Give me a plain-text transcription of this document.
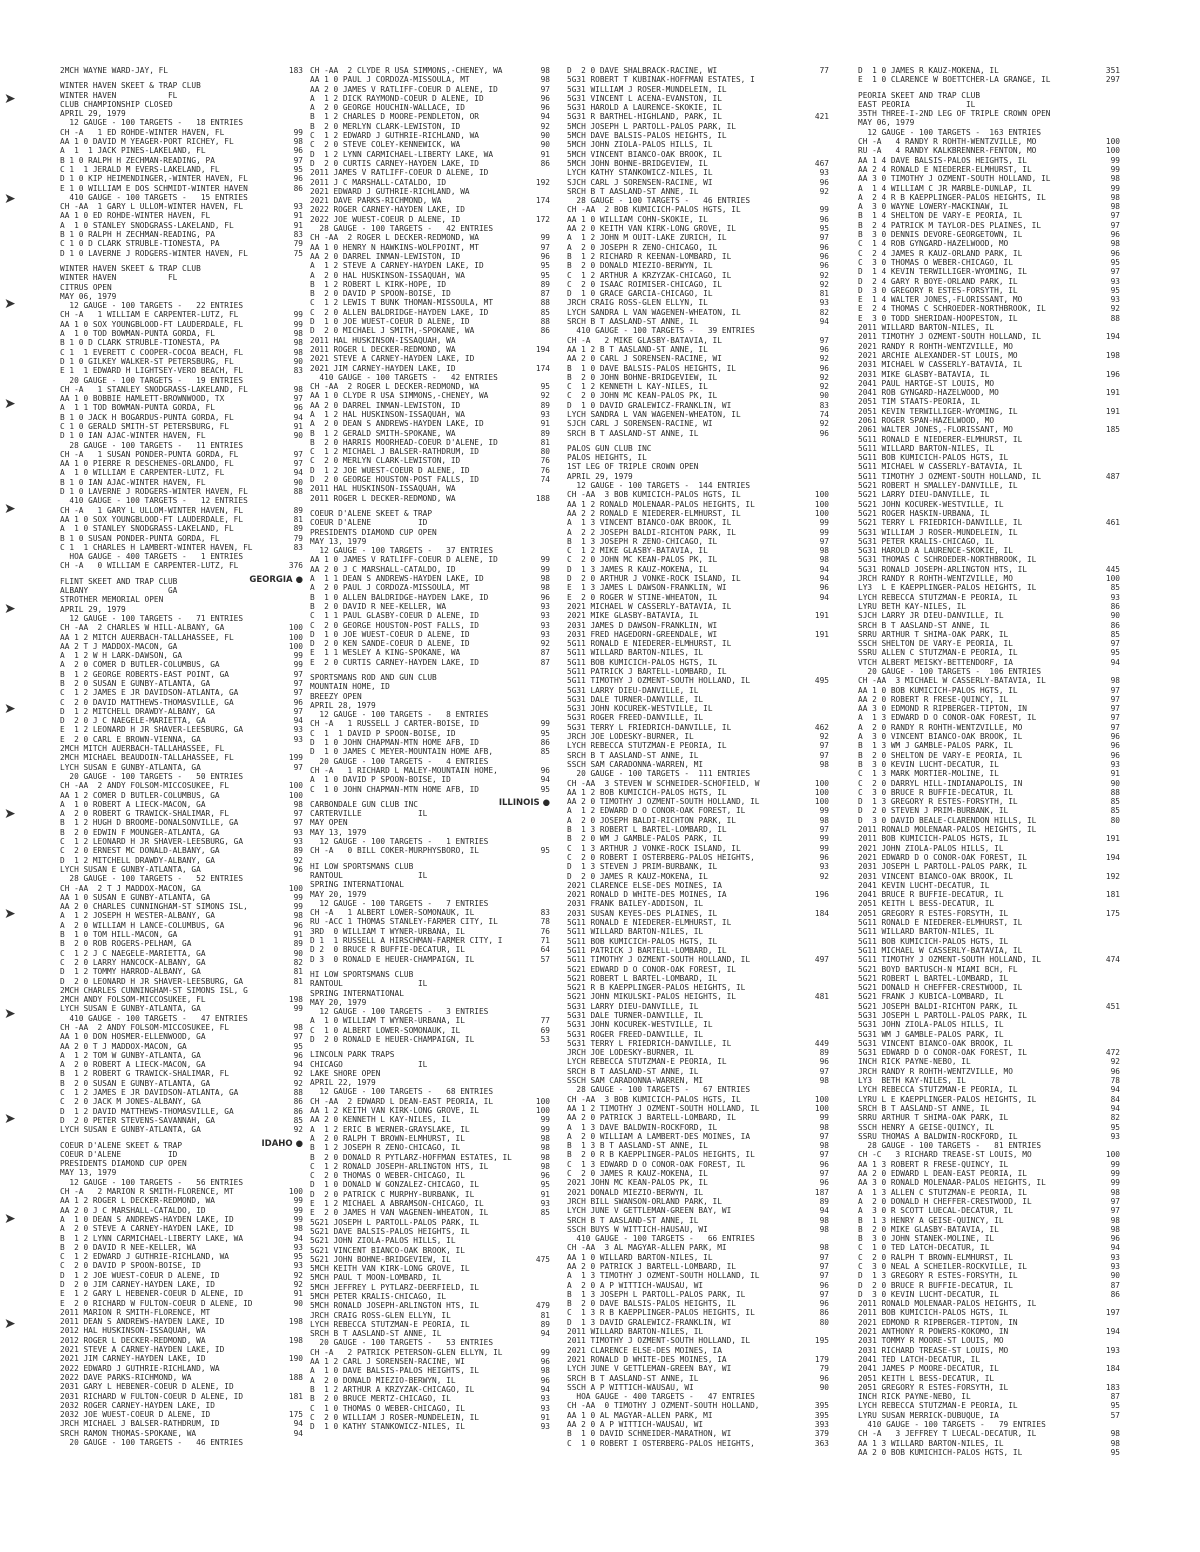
➤
➤
➤
➤
➤
➤
➤
➤
➤
➤
➤
➤
➤
2MCH WAYNE WARD-JAY, FL	183
WINTER HAVEN SKEET & TRAP CLUB
WINTER HAVEN           FL
CLUB CHAMPIONSHIP CLOSED
APRIL 29, 1979
12 GAUGE - 100 TARGETS -   18 ENTRIES
CH -A   1 ED ROHDE-WINTER HAVEN, FL	99
AA 1 0 DAVID M YEAGER-PORT RICHEY, FL	98
A  1  1 JACK PINES-LAKELAND, FL	96
B 1 0 RALPH H ZECHMAN-READING, PA	97
C 1  1 JERALD M EVERS-LAKELAND, FL	95
D 1 0 KIP HEIMENDINGER,-WINTER HAVEN, FL	96
E 1 0 WILLIAM E DOS SCHMIDT-WINTER HAVEN	86
410 GAUGE - 100 TARGETS -   15 ENTRIES
CH -AA  1 GARY L ULLOM-WINTER HAVEN, FL	93
AA 1 0 ED ROHDE-WINTER HAVEN, FL	91
A  1 0 STANLEY SNODGRASS-LAKELAND, FL	91
B 1 0 RALPH H ZECHMAN-READING, PA	83
C 1 0 D CLARK STRUBLE-TIONESTA, PA	79
D 1 0 LAVERNE J RODGERS-WINTER HAVEN, FL	75
WINTER HAVEN SKEET & TRAP CLUB
WINTER HAVEN           FL
CITRUS OPEN
MAY 06, 1979
12 GAUGE - 100 TARGETS -   22 ENTRIES
CH -A   1 WILLIAM E CARPENTER-LUTZ, FL	99
AA 1 0 SOX YOUNGBLOOD-FT LAUDERDALE, FL	99
A  1 0 TOD BOWMAN-PUNTA GORDA, FL	98
B 1 0 D CLARK STRUBLE-TIONESTA, PA	98
C 1  1 EVERETT C COOPER-COCOA BEACH, FL	98
D 1 0 GILKEY WALKER-ST PETERSBURG, FL	90
E 1  1 EDWARD H LIGHTSEY-VERO BEACH, FL	83
20 GAUGE - 100 TARGETS -   19 ENTRIES
CH -A   1 STANLEY SNODGRASS-LAKELAND, FL	98
AA 1 0 BOBBIE HAMLETT-BROWNWOOD, TX	97
A  1 1 TOD BOWMAN-PUNTA GORDA, FL	96
B 1 0 JACK H BOGARDUS-PUNTA GORDA, FL	94
C 1 0 GERALD SMITH-ST PETERSBURG, FL	91
D 1 0 IAN AJAC-WINTER HAVEN, FL	90
28 GAUGE - 100 TARGETS -   11 ENTRIES
CH -A   1 SUSAN PONDER-PUNTA GORDA, FL	97
AA 1 0 PIERRE R DESCHENES-ORLANDO, FL	97
A  1 0 WILLIAM E CARPENTER-LUTZ, FL	94
B 1 0 IAN AJAC-WINTER HAVEN, FL	90
D 1 0 LAVERNE J RODGERS-WINTER HAVEN, FL	88
410 GAUGE - 100 TARGETS -   12 ENTRIES
CH -A   1 GARY L ULLOM-WINTER HAVEN, FL	89
AA 1 0 SOX YOUNGBLOOD-FT LAUDERDALE, FL	81
A  1 0 STANLEY SNODGRASS-LAKELAND, FL	89
B 1 0 SUSAN PONDER-PUNTA GORDA, FL	79
C 1  1 CHARLES H LAMBERT-WINTER HAVEN, FL	83
HOA GAUGE - 400 TARGETS -   1 ENTRIES
CH -A   0 WILLIAM E CARPENTER-LUTZ, FL	376
FLINT SKEET AND TRAP CLUB	GEORGIA ●
ALBANY                 GA
STROTHER MEMORIAL OPEN
APRIL 29, 1979
12 GAUGE - 100 TARGETS -   71 ENTRIES
CH -AA  2 CHARLES W HILL-ALBANY, GA	100
AA 1 2 MITCH AUERBACH-TALLAHASSEE, FL	100
AA 2 T J MADDOX-MACON, GA	100
A  1 2 W H LARK-DAWSON, GA	99
A  2 0 COMER D BUTLER-COLUMBUS, GA	99
B  1 2 GEORGE ROBERTS-EAST POINT, GA	97
B  2 0 SUSAN E GUNBY-ATLANTA, GA	97
C  1 2 JAMES E JR DAVIDSON-ATLANTA, GA	97
C  2 0 DAVID MATTHEWS-THOMASVILLE, GA	96
D  1 2 MITCHELL DRAWDY-ALBANY, GA	97
D  2 0 J C NAEGELE-MARIETTA, GA	94
E  1 2 LEONARD H JR SHAVER-LEESBURG, GA	93
E  2 0 CARL E BROWN-VIENNA, GA	93
2MCH MITCH AUERBACH-TALLAHASSEE, FL
2MCH MICHAEL BEAUDOIN-TALLAHASSEE, FL	199
LYCH SUSAN E GUNBY-ATLANTA, GA	97
20 GAUGE - 100 TARGETS -   50 ENTRIES
CH -AA  2 ANDY FOLSOM-MICCOSUKEE, FL	100
AA 1 2 COMER D BUTLER-COLUMBUS, GA	100
A  1 0 ROBERT A LIECK-MACON, GA	98
A  2 0 ROBERT G TRAWICK-SHALIMAR, FL	97
B  1 2 HUGH D BROOME-DONALSONVILLE, GA	97
B  2 0 EDWIN F MOUNGER-ATLANTA, GA	93
C  1 2 LEONARD H JR SHAVER-LEESBURG, GA	93
C  2 0 ERNEST MC DONALD-ALBANY, GA	89
D  1 2 MITCHELL DRAWDY-ALBANY, GA	92
LYCH SUSAN E GUNBY-ATLANTA, GA	96
28 GAUGE - 100 TARGETS -   52 ENTRIES
CH -AA  2 T J MADDOX-MACON, GA	100
AA 1 0 SUSAN E GUNBY-ATLANTA, GA	99
AA 2 0 CHARLES CUNNINGHAM-ST SIMONS ISL,	99
A  1 2 JOSEPH H WESTER-ALBANY, GA	98
A  2 0 WILLIAM H LANCE-COLUMBUS, GA	96
B  1 0 TOM HILL-MACON, GA	91
B  2 0 ROB ROGERS-PELHAM, GA	89
C  1 2 J C NAEGELE-MARIETTA, GA	90
C  2 0 LARRY HANCOCK-ALBANY, GA	82
D  1 2 TOMMY HARROD-ALBANY, GA	81
D  2 0 LEONARD H JR SHAVER-LEESBURG, GA	81
2MCH CHARLES CUNNINGHAM-ST SIMONS ISL, G
2MCH ANDY FOLSOM-MICCOSUKEE, FL	198
LYCH SUSAN E GUNBY-ATLANTA, GA	99
410 GAUGE - 100 TARGETS -   47 ENTRIES
CH -AA  2 ANDY FOLSOM-MICCOSUKEE, FL	98
AA 1 0 DON HOSMER-ELLENWOOD, GA	97
AA 2 0 T J MADDOX-MACON, GA	95
A  1 2 TOM W GUNBY-ATLANTA, GA	96
A  2 0 ROBERT A LIECK-MACON, GA	94
B  1 2 ROBERT G TRAWICK-SHALIMAR, FL	92
B  2 0 SUSAN E GUNBY-ATLANTA, GA	92
C  1 2 JAMES E JR DAVIDSON-ATLANTA, GA	88
C  2 0 JACK M JONES-ALBANY, GA	86
D  1 2 DAVID MATTHEWS-THOMASVILLE, GA	86
D  2 0 PETER STEVENS-SAVANNAH, GA	85
LYCH SUSAN E GUNBY-ATLANTA, GA	92
COEUR D'ALENE SKEET & TRAP	IDAHO ●
COEUR D'ALENE          ID
PRESIDENTS DIAMOND CUP OPEN
MAY 13, 1979
12 GAUGE - 100 TARGETS -   56 ENTRIES
CH -A   2 MARION R SMITH-FLORENCE, MT	100
AA 1 2 ROGER L DECKER-REDMOND, WA	99
AA 2 0 J C MARSHALL-CATALDO, ID	99
A  1 0 DEAN S ANDREWS-HAYDEN LAKE, ID	99
A  2 0 STEVE A CARNEY-HAYDEN LAKE, ID	98
B  1 2 LYNN CARMICHAEL-LIBERTY LAKE, WA	94
B  2 0 DAVID R NEE-KELLER, WA	93
C  1 2 EDWARD J GUTHRIE-RICHLAND, WA	95
C  2 0 DAVID P SPOON-BOISE, ID	93
D  1 2 JOE WUEST-COEUR D ALENE, ID	92
D  2 0 JIM CARNEY-HAYDEN LAKE, ID	92
E  1 2 GARY L HEBENER-COEUR D ALENE, ID	91
E  2 0 RICHARD W FULTON-COEUR D ALENE, ID	90
2011 MARION R SMITH-FLORENCE, MT
2011 DEAN S ANDREWS-HAYDEN LAKE, ID	198
2012 HAL HUSKINSON-ISSAQUAH, WA
2012 ROGER L DECKER-REDMOND, WA	198
2021 STEVE A CARNEY-HAYDEN LAKE, ID
2021 JIM CARNEY-HAYDEN LAKE, ID	190
2022 EDWARD J GUTHRIE-RICHLAND, WA
2022 DAVE PARKS-RICHMOND, WA	188
2031 GARY L HEBENER-COEUR D ALENE, ID
2031 RICHARD W FULTON-COEUR D ALENE, ID	181
2032 ROGER CARNEY-HAYDEN LAKE, ID
2032 JOE WUEST-COEUR D ALENE, ID	175
JRCH MICHAEL J BALSER-RATHDRUM, ID	94
SRCH RAMON THOMAS-SPOKANE, WA	94
20 GAUGE - 100 TARGETS -   46 ENTRIES
CH -AA  2 CLYDE R USA SIMMONS,-CHENEY, WA	98
AA 1 0 PAUL J CORDOZA-MISSOULA, MT	98
AA 2 0 JAMES V RATLIFF-COEUR D ALENE, ID	97
A  1 2 DICK RAYMOND-COEUR D ALENE, ID	96
A  2 0 GEORGE HOUCHIN-WALLACE, ID	96
B  1 2 CHARLES D MOORE-PENDLETON, OR	94
B  2 0 MERLYN CLARK-LEWISTON, ID	92
C  1 2 EDWARD J GUTHRIE-RICHLAND, WA	90
C  2 0 STEVE COLEY-KENNEWICK, WA	90
D  1 2 LYNN CARMICHAEL-LIBERTY LAKE, WA	91
D  2 0 CURTIS CARNEY-HAYDEN LAKE, ID	86
2011 JAMES V RATLIFF-COEUR D ALENE, ID
2011 J C MARSHALL-CATALDO, ID	192
2021 EDWARD J GUTHRIE-RICHLAND, WA
2021 DAVE PARKS-RICHMOND, WA	174
2022 ROGER CARNEY-HAYDEN LAKE, ID
2022 JOE WUEST-COEUR D ALENE, ID	172
28 GAUGE - 100 TARGETS -   42 ENTRIES
CH -AA  2 ROGER L DECKER-REDMOND, WA	99
AA 1 0 HENRY N HAWKINS-WOLFPOINT, MT	97
AA 2 0 DARREL INMAN-LEWISTON, ID	96
A  1 2 STEVE A CARNEY-HAYDEN LAKE, ID	95
A  2 0 HAL HUSKINSON-ISSAQUAH, WA	95
B  1 2 ROBERT L KIRK-HOPE, ID	89
B  2 0 DAVID P SPOON-BOISE, ID	87
C  1 2 LEWIS T BUNK THOMAN-MISSOULA, MT	88
C  2 0 ALLEN BALDRIDGE-HAYDEN LAKE, ID	85
D  1 0 JOE WUEST-COEUR D ALENE, ID	88
D  2 0 MICHAEL J SMITH,-SPOKANE, WA	86
2011 HAL HUSKINSON-ISSAQUAH, WA
2011 ROGER L DECKER-REDMOND, WA	194
2021 STEVE A CARNEY-HAYDEN LAKE, ID
2021 JIM CARNEY-HAYDEN LAKE, ID	174
410 GAUGE - 100 TARGETS -   42 ENTRIES
CH -AA  2 ROGER L DECKER-REDMOND, WA	95
AA 1 0 CLYDE R USA SIMMONS,-CHENEY, WA	92
AA 2 0 DARREL INMAN-LEWISTON, ID	89
A  1 2 HAL HUSKINSON-ISSAQUAH, WA	93
A  2 0 DEAN S ANDREWS-HAYDEN LAKE, ID	91
B  1 2 GERALD SMITH-SPOKANE, WA	89
B  2 0 HARRIS MOORHEAD-COEUR D'ALENE, ID	81
C  1 2 MICHAEL J BALSER-RATHDRUM, ID	80
C  2 0 MERLYN CLARK-LEWISTON, ID	76
D  1 2 JOE WUEST-COEUR D ALENE, ID	76
D  2 0 GEORGE HOUSTON-POST FALLS, ID	74
2011 HAL HUSKINSON-ISSAQUAH, WA
2011 ROGER L DECKER-REDMOND, WA	188
COEUR D'ALENE SKEET & TRAP
COEUR D'ALENE          ID
PRESIDENTS DIAMOND CUP OPEN
MAY 13, 1979
12 GAUGE - 100 TARGETS -   37 ENTRIES
AA 1 0 JAMES V RATLIFF-COEUR D ALENE, ID	99
AA 2 0 J C MARSHALL-CATALDO, ID	99
A  1 1 DEAN S ANDREWS-HAYDEN LAKE, ID	98
A  2 0 PAUL J CORDOZA-MISSOULA, MT	98
B  1 0 ALLEN BALDRIDGE-HAYDEN LAKE, ID	96
B  2 0 DAVID R NEE-KELLER, WA	93
C  1 1 PAUL GLASBY-COEUR D ALENE, ID	93
C  2 0 GEORGE HOUSTON-POST FALLS, ID	93
D  1 0 JOE WUEST-COEUR D ALENE, ID	93
D  2 0 KEN SANDE-COEUR D ALENE, ID	92
E  1 1 WESLEY A KING-SPOKANE, WA	87
E  2 0 CURTIS CARNEY-HAYDEN LAKE, ID	87
SPORTSMANS ROD AND GUN CLUB
MOUNTAIN HOME, ID
BREEZY OPEN
APRIL 28, 1979
12 GAUGE - 100 TARGETS -   8 ENTRIES
CH -A   1 RUSSELL J CARTER-BOISE, ID	99
C  1  1 DAVID P SPOON-BOISE, ID	95
D  1 0 JOHN CHAPMAN-MTN HOME AFB, ID	86
D  1 0 JAMES C MEYER-MOUNTAIN HOME AFB,	85
20 GAUGE - 100 TARGETS -   4 ENTRIES
CH -A   1 RICHARD L MALEY-MOUNTAIN HOME,	96
A  1 0 DAVID P SPOON-BOISE, ID	94
C  1 0 JOHN CHAPMAN-MTN HOME AFB, ID	95
CARBONDALE GUN CLUB INC	ILLINOIS ●
CARTERVILLE            IL
MAY OPEN
MAY 13, 1979
12 GAUGE - 100 TARGETS -   1 ENTRIES
CH -A   0 BILL COKER-MURPHYSBORO, IL	95
HI LOW SPORTSMANS CLUB
RANTOUL                IL
SPRING INTERNATIONAL
MAY 20, 1979
12 GAUGE - 100 TARGETS -   7 ENTRIES
CH -A   1 ALBERT LOWER-SOMONAUK, IL	83
RU -ACC 1 THOMAS STANLEY-FARMER CITY, IL	78
3RD  0 WILLIAM T WYNER-URBANA, IL	76
D 1  1 RUSSELL A HIRSCHMAN-FARMER CITY, I	71
D 2  0 BRUCE R BUFFIE-DECATUR, IL	64
D 3  0 RONALD E HEUER-CHAMPAIGN, IL	57
HI LOW SPORTSMANS CLUB
RANTOUL                IL
SPRING INTERNATIONAL
MAY 20, 1979
12 GAUGE - 100 TARGETS -   3 ENTRIES
A  1 0 WILLIAM T WYNER-URBANA, IL	77
C  1 0 ALBERT LOWER-SOMONAUK, IL	69
D  2 0 RONALD E HEUER-CHAMPAIGN, IL	53
LINCOLN PARK TRAPS
CHICAGO                IL
LAKE SHORE OPEN
APRIL 22, 1979
12 GAUGE - 100 TARGETS -   68 ENTRIES
CH -AA  2 EDWARD L DEAN-EAST PEORIA, IL	100
AA 1 2 KEITH VAN KIRK-LONG GROVE, IL	100
AA 2 0 KENNETH L KAY-NILES, IL	99
A  1 2 ERIC B WERNER-GRAYSLAKE, IL	99
A  2 0 RALPH T BROWN-ELMHURST, IL	98
B  1 2 JOSEPH R ZENO-CHICAGO, IL	98
B  2 0 DONALD R PYTLARZ-HOFFMAN ESTATES, IL	98
C  1 2 RONALD JOSEPH-ARLINGTON HTS, IL	98
C  2 0 THOMAS O WEBER-CHICAGO, IL	96
D  1 0 DONALD W GONZALEZ-CHICAGO, IL	95
D  2 0 PATRICK C MURPHY-BURBANK, IL	91
E  1 2 MICHAEL A ABRAMSON-CHICAGO, IL	93
E  2 0 JAMES H VAN WAGENEN-WHEATON, IL	85
5G21 JOSEPH L PARTOLL-PALOS PARK, IL
5G21 DAVE BALSIS-PALOS HEIGHTS, IL
5G21 JOHN ZIOLA-PALOS HILLS, IL
5G21 VINCENT BIANCO-OAK BROOK, IL
5G21 JOHN BOHNE-BRIDGEVIEW, IL	475
5MCH KEITH VAN KIRK-LONG GROVE, IL
5MCH PAUL T MOON-LOMBARD, IL
5MCH JEFFREY L PYTLARZ-DEERFIELD, IL
5MCH PETER KRALIS-CHICAGO, IL
5MCH RONALD JOSEPH-ARLINGTON HTS, IL	479
JRCH CRAIG ROSS-GLEN ELLYN, IL	81
LYCH REBECCA STUTZMAN-E PEORIA, IL	89
SRCH B T AASLAND-ST ANNE, IL	94
20 GAUGE - 100 TARGETS -   53 ENTRIES
CH -A   2 PATRICK PETERSON-GLEN ELLYN, IL	99
AA 1 2 CARL J SORENSEN-RACINE, WI	96
A  1 0 DAVE BALSIS-PALOS HEIGHTS, IL	98
A  2 0 DONALD MIEZIO-BERWYN, IL	96
B  1 2 ARTHUR A KRZYZAK-CHICAGO, IL	94
B  2 0 BRUCE MERTZ-CHICAGO, IL	93
C  1 0 THOMAS O WEBER-CHICAGO, IL	93
C  2 0 WILLIAM J ROSER-MUNDELEIN, IL	91
D  1 0 KATHY STANKOWICZ-NILES, IL	93
D  2 0 DAVE SHALBRACK-RACINE, WI	77
5G31 ROBERT T KUBINAK-HOFFMAN ESTATES, I
5G31 WILLIAM J ROSER-MUNDELEIN, IL
5G31 VINCENT L ACENA-EVANSTON, IL
5G31 HAROLD A LAURENCE-SKOKIE, IL
5G31 R BARTHEL-HIGHLAND, PARK, IL	421
5MCH JOSEPH L PARTOLL-PALOS PARK, IL
5MCH DAVE BALSIS-PALOS HEIGHTS, IL
5MCH JOHN ZIOLA-PALOS HILLS, IL
5MCH VINCENT BIANCO-OAK BROOK, IL
5MCH JOHN BOHNE-BRIDGEVIEW, IL	467
LYCH KATHY STANKOWICZ-NILES, IL	93
SJCH CARL J SORENSEN-RACINE, WI	96
SRCH B T AASLAND-ST ANNE, IL	92
28 GAUGE - 100 TARGETS -   46 ENTRIES
CH -AA  2 BOB KUMICICH-PALOS HGTS, IL	99
AA 1 0 WILLIAM COHN-SKOKIE, IL	96
AA 2 0 KEITH VAN KIRK-LONG GROVE, IL	95
A  1 2 JOHN M OUIT-LAKE ZURICH, IL	97
A  2 0 JOSEPH R ZENO-CHICAGO, IL	96
B  1 2 RICHARD R KEENAN-LOMBARD, IL	96
B  2 0 DONALD MIEZIO-BERWYN, IL	96
C  1 2 ARTHUR A KRZYZAK-CHICAGO, IL	92
C  2 0 ISAAC ROIMISER-CHICAGO, IL	92
D  1 0 GRACE GARCIA-CHICAGO, IL	81
JRCH CRAIG ROSS-GLEN ELLYN, IL	93
LYCH SANDRA L VAN WAGENEN-WHEATON, IL	82
SRCH B T AASLAND-ST ANNE, IL	94
410 GAUGE - 100 TARGETS -   39 ENTRIES
CH -A   2 MIKE GLASBY-BATAVIA, IL	97
AA 1 2 B T AASLAND-ST ANNE, IL	96
AA 2 0 CARL J SORENSEN-RACINE, WI	92
B  1 0 DAVE BALSIS-PALOS HEIGHTS, IL	96
B  2 0 JOHN BOHNE-BRIDGEVIEW, IL	92
C  1 2 KENNETH L KAY-NILES, IL	92
C  2 0 JOHN MC KEAN-PALOS PK, IL	90
D  1 0 DAVID GRALEWICZ-FRANKLIN, WI	83
LYCH SANDRA L VAN WAGENEN-WHEATON, IL	74
SJCH CARL J SORENSEN-RACINE, WI	92
SRCH B T AASLAND-ST ANNE, IL	96
PALOS GUN CLUB INC
PALOS HEIGHTS, IL
1ST LEG OF TRIPLE CROWN OPEN
APRIL 29, 1979
12 GAUGE - 100 TARGETS -  144 ENTRIES
CH -AA  3 BOB KUMICICH-PALOS HGTS, IL	100
AA 1 2 RONALD MOLENAAR-PALOS HEIGHTS, IL	100
AA 2 2 RONALD E NIEDERER-ELMHURST, IL	100
A  1 3 VINCENT BIANCO-OAK BROOK, IL	99
A  2 2 JOSEPH BALDI-RICHTON PARK, IL	99
B  1 3 JOSEPH R ZENO-CHICAGO, IL	97
C  1 2 MIKE GLASBY-BATAVIA, IL	98
C  2 0 JOHN MC KEAN-PALOS PK, IL	98
D  1 3 JAMES R KAUZ-MOKENA, IL	94
D  2 0 ARTHUR J VONKE-ROCK ISLAND, IL	94
E  1 3 JAMES L DAWSON-FRANKLIN, WI	96
E  2 0 ROGER W STINE-WHEATON, IL	94
2021 MICHAEL W CASSERLY-BATAVIA, IL
2021 MIKE GLASBY-BATAVIA, IL	191
2031 JAMES D DAWSON-FRANKLIN, WI
2031 FRED HAGEDORN-GREENDALE, WI	191
5G11 RONALD E NIEDERER-ELMHURST, IL
5G11 WILLARD BARTON-NILES, IL
5G11 BOB KUMICICH-PALOS HGTS, IL
5G11 PATRICK J BARTELL-LOMBARD, IL
5G11 TIMOTHY J OZMENT-SOUTH HOLLAND, IL	495
5G31 LARRY DIEU-DANVILLE, IL
5G31 DALE TURNER-DANVILLE, IL
5G31 JOHN KOCUREK-WESTVILLE, IL
5G31 ROGER FREED-DANVILLE, IL
5G31 TERRY L FRIEDRICH-DANVILLE, IL	462
JRCH JOE LODESKY-BURNER, IL	92
LYCH REBECCA STUTZMAN-E PEORIA, IL	97
SRCH B T AASLAND-ST ANNE, IL	97
SSCH SAM CARADONNA-WARREN, MI	98
20 GAUGE - 100 TARGETS -  111 ENTRIES
CH -AA  3 STEVEN W SCHNEIDER-SCHOFIELD, W	100
AA 1 2 BOB KUMICICH-PALOS HGTS, IL	100
AA 2 0 TIMOTHY J OZMENT-SOUTH HOLLAND, IL	100
A  1 2 EDWARD D O CONOR-OAK FOREST, IL	99
A  2 0 JOSEPH BALDI-RICHTON PARK, IL	98
B  1 3 ROBERT L BARTEL-LOMBARD, IL	97
B  2 0 WM J GAMBLE-PALOS PARK, IL	99
C  1 3 ARTHUR J VONKE-ROCK ISLAND, IL	99
C  2 0 ROBERT I OSTERBERG-PALOS HEIGHTS,	96
D  1 3 STEVEN J PRIM-BURBANK, IL	93
D  2 0 JAMES R KAUZ-MOKENA, IL	92
2021 CLARENCE ELSE-DES MOINES, IA
2021 RONALD D WHITE-DES MOINES, IA	196
2031 FRANK BAILEY-ADDISON, IL
2031 SUSAN KEYES-DES PLAINES, IL	184
5G11 RONALD E NIEDERER-ELMHURST, IL
5G11 WILLARD BARTON-NILES, IL
5G11 BOB KUMICICH-PALOS HGTS, IL
5G11 PATRICK J BARTELL-LOMBARD, IL
5G11 TIMOTHY J OZMENT-SOUTH HOLLAND, IL	497
5G21 EDWARD D O CONOR-OAK FOREST, IL
5G21 ROBERT L BARTEL-LOMBARD, IL
5G21 R B KAEPPLINGER-PALOS HEIGHTS, IL
5G21 JOHN MIKULSKI-PALOS HEIGHTS, IL	481
5G31 LARRY DIEU-DANVILLE, IL
5G31 DALE TURNER-DANVILLE, IL
5G31 JOHN KOCUREK-WESTVILLE, IL
5G31 ROGER FREED-DANVILLE, IL
5G31 TERRY L FRIEDRICH-DANVILLE, IL	449
JRCH JOE LODESKY-BURNER, IL	89
LYCH REBECCA STUTZMAN-E PEORIA, IL	96
SRCH B T AASLAND-ST ANNE, IL	97
SSCH SAM CARADONNA-WARREN, MI	98
28 GAUGE - 100 TARGETS -   67 ENTRIES
CH -AA  3 BOB KUMICICH-PALOS HGTS, IL	100
AA 1 2 TIMOTHY J OZMENT-SOUTH HOLLAND, IL	100
AA 2 0 PATRICK J BARTELL-LOMBARD, IL	99
A  1 3 DAVE BALDWIN-ROCKFORD, IL	98
A  2 0 WILLIAM A LAMBERT-DES MOINES, IA	97
B  1 3 B T AASLAND-ST ANNE, IL	98
B  2 0 R B KAEPPLINGER-PALOS HEIGHTS, IL	97
C  1 3 EDWARD D O CONOR-OAK FOREST, IL	96
C  2 0 JAMES R KAUZ-MOKENA, IL	97
2021 JOHN MC KEAN-PALOS PK, IL	96
2021 DONALD MIEZIO-BERWYN, IL	187
JRCH BILL SWANSON-ORLAND PARK, IL	89
LYCH JUNE V GETTLEMAN-GREEN BAY, WI	94
SRCH B T AASLAND-ST ANNE, IL	98
SSCH BUYS W WITTICH-HAUSAU, WI	98
410 GAUGE - 100 TARGETS -   66 ENTRIES
CH -AA  3 AL MAGYAR-ALLEN PARK, MI	98
AA 1 0 WILLARD BARTON-NILES, IL	97
AA 2 0 PATRICK J BARTELL-LOMBARD, IL	97
A  1 3 TIMOTHY J OZMENT-SOUTH HOLLAND, IL	97
A  2 0 A P WITTICH-WAUSAU, WI	96
B  1 3 JOSEPH L PARTOLL-PALOS PARK, IL	97
B  2 0 DAVE BALSIS-PALOS HEIGHTS, IL	96
C  1 3 R B KAEPPLINGER-PALOS HEIGHTS, IL	86
D  1 3 DAVID GRALEWICZ-FRANKLIN, WI	80
2011 WILLARD BARTON-NILES, IL
2011 TIMOTHY J OZMENT-SOUTH HOLLAND, IL	195
2021 CLARENCE ELSE-DES MOINES, IA
2021 RONALD D WHITE-DES MOINES, IA	179
LYCH JUNE V GETTLEMAN-GREEN BAY, WI	79
SRCH B T AASLAND-ST ANNE, IL	96
SSCH A P WITTICH-WAUSAU, WI	90
HOA GAUGE - 400 TARGETS -   47 ENTRIES
CH -AA  0 TIMOTHY J OZMENT-SOUTH HOLLAND,	395
AA 1 0 AL MAGYAR-ALLEN PARK, MI	395
AA 2 0 A P WITTICH-WAUSAU, WI	393
B  1 0 DAVID SCHNEIDER-MARATHON, WI	379
C  1 0 ROBERT I OSTERBERG-PALOS HEIGHTS,	363
D  1 0 JAMES R KAUZ-MOKENA, IL	351
E  1 0 CLARENCE W BOETTCHER-LA GRANGE, IL	297
PEORIA SKEET AND TRAP CLUB
EAST PEORIA            IL
35TH THREE-I-2ND LEG OF TRIPLE CROWN OPEN
MAY 06, 1979
12 GAUGE - 100 TARGETS -  163 ENTRIES
CH -A   4 RANDY R ROHTH-WENTZVILLE, MO	100
RU -A   4 RANDY KALKBRENNER-FENTON, MO	100
AA 1 4 DAVE BALSIS-PALOS HEIGHTS, IL	99
AA 2 4 RONALD E NIEDERER-ELMHURST, IL	99
AA 3 0 TIMOTHY J OZMENT-SOUTH HOLLAND, IL	98
A  1 4 WILLIAM C JR MARBLE-DUNLAP, IL	99
A  2 4 R B KAEPPLINGER-PALOS HEIGHTS, IL	98
A  3 0 WAYNE LOWERY-MACKINAW, IL	98
B  1 4 SHELTON DE VARY-E PEORIA, IL	97
B  2 4 PATRICK M TAYLOR-DES PLAINES, IL	97
B  3 0 DENNIS DEVORE-GEORGETOWN, IL	96
C  1 4 ROB GYNGARD-HAZELWOOD, MO	98
C  2 4 JAMES R KAUZ-ORLAND PARK, IL	96
C  3 0 THOMAS O WEBER-CHICAGO, IL	95
D  1 4 KEVIN TERWILLIGER-WYOMING, IL	97
D  2 4 GARY R BOYE-ORLAND PARK, IL	93
D  3 0 GREGORY R ESTES-FORSYTH, IL	95
E  1 4 WALTER JONES,-FLORISSANT, MO	93
E  2 4 THOMAS C SCHROEDER-NORTHBROOK, IL	92
E  3 0 TODD SHERIDAN-HOOPESTON, IL	88
2011 WILLARD BARTON-NILES, IL
2011 TIMOTHY J OZMENT-SOUTH HOLLAND, IL	194
2021 RANDY R ROHTH-WENTZVILLE, MO
2021 ARCHIE ALEXANDER-ST LOUIS, MO	198
2031 MICHAEL W CASSERLY-BATAVIA, IL
2031 MIKE GLASBY-BATAVIA, IL	196
2041 PAUL HARTGE-ST LOUIS, MO
2041 ROB GYNGARD-HAZELWOOD, MO	191
2051 TIM STAATS-PEORIA, IL
2051 KEVIN TERWILLIGER-WYOMING, IL	191
2061 ROGER SPAN-HAZELWOOD, MO
2061 WALTER JONES,-FLORISSANT, MO	185
5G11 RONALD E NIEDERER-ELMHURST, IL
5G11 WILLARD BARTON-NILES, IL
5G11 BOB KUMICICH-PALOS HGTS, IL
5G11 MICHAEL W CASSERLY-BATAVIA, IL
5G11 TIMOTHY J OZMENT-SOUTH HOLLAND, IL	487
5G21 ROBERT H SMALLEY-DANVILLE, IL
5G21 LARRY DIEU-DANVILLE, IL
5G21 JOHN KOCUREK-WESTVILLE, IL
5G21 ROGER HASKIN-URBANA, IL
5G21 TERRY L FRIEDRICH-DANVILLE, IL	461
5G31 WILLIAM J ROSER-MUNDELEIN, IL
5G31 PETER KRALIS-CHICAGO, IL
5G31 HAROLD A LAURENCE-SKOKIE, IL
5G31 THOMAS C SCHROEDER-NORTHBROOK, IL
5G31 RONALD JOSEPH-ARLINGTON HTS, IL	445
JRCH RANDY R ROHTH-WENTZVILLE, MO	100
LY3  L E KAEPPLINGER-PALOS HEIGHTS, IL	85
LYCH REBECCA STUTZMAN-E PEORIA, IL	93
LYRU BETH KAY-NILES, IL	86
SJCH LARRY JR DIEU-DANVILLE, IL	90
SRCH B T AASLAND-ST ANNE, IL	86
SRRU ARTHUR T SHIMA-OAK PARK, IL	85
SSCH SHELTON DE VARY-E PEORIA, IL	97
SSRU ALLEN C STUTZMAN-E PEORIA, IL	95
VTCH ALBERT MEISKY-BETTENDORF, IA	94
20 GAUGE - 100 TARGETS -  106 ENTRIES
CH -AA  3 MICHAEL W CASSERLY-BATAVIA, IL	98
AA 1 0 BOB KUMICICH-PALOS HGTS, IL	97
AA 2 0 ROBERT R FRESE-QUINCY, IL	97
AA 3 0 EDMOND R RIPBERGER-TIPTON, IN	97
A  1 3 EDWARD D O CONOR-OAK FOREST, IL	97
A  2 0 RANDY R ROHTH-WENTZVILLE, MO	97
A  3 0 VINCENT BIANCO-OAK BROOK, IL	96
B  1 3 WM J GAMBLE-PALOS PARK, IL	96
B  2 0 SHELTON DE VARY-E PEORIA, IL	96
B  3 0 KEVIN LUCHT-DECATUR, IL	93
C  1 3 MARK MORTIER-MOLINE, IL	91
C  2 0 DARRYL HILL-INDIANAPOLIS, IN	90
C  3 0 BRUCE R BUFFIE-DECATUR, IL	88
D  1 3 GREGORY R ESTES-FORSYTH, IL	85
D  2 0 STEVEN J PRIM-BURBANK, IL	85
D  3 0 DAVID BEALE-CLARENDON HILLS, IL	80
2011 RONALD MOLENAAR-PALOS HEIGHTS, IL
2011 BOB KUMICICH-PALOS HGTS, IL	191
2021 JOHN ZIOLA-PALOS HILLS, IL
2021 EDWARD D O CONOR-OAK FOREST, IL	194
2031 JOSEPH L PARTOLL-PALOS PARK, IL
2031 VINCENT BIANCO-OAK BROOK, IL	192
2041 KEVIN LUCHT-DECATUR, IL
2041 BRUCE R BUFFIE-DECATUR, IL	181
2051 KEITH L BESS-DECATUR, IL
2051 GREGORY R ESTES-FORSYTH, IL	175
5G11 RONALD E NIEDERER-ELMHURST, IL
5G11 WILLARD BARTON-NILES, IL
5G11 BOB KUMICICH-PALOS HGTS, IL
5G11 MICHAEL W CASSERLY-BATAVIA, IL
5G11 TIMOTHY J OZMENT-SOUTH HOLLAND, IL	474
5G21 BOYD BARTUSCH-N MIAMI BCH, FL
5G21 ROBERT L BARTEL-LOMBARD, IL
5G21 DONALD H CHEFFER-CRESTWOOD, IL
5G21 FRANK J KUBICA-LOMBARD, IL
5G21 JOSEPH BALDI-RICHTON PARK, IL	451
5G31 JOSEPH L PARTOLL-PALOS PARK, IL
5G31 JOHN ZIOLA-PALOS HILLS, IL
5G31 WM J GAMBLE-PALOS PARK, IL
5G31 VINCENT BIANCO-OAK BROOK, IL
5G31 EDWARD D O CONOR-OAK FOREST, IL	472
INCH RICK PAYNE-NEBO, IL	92
JRCH RANDY R ROHTH-WENTZVILLE, MO	96
LY3  BETH KAY-NILES, IL	78
LYCH REBECCA STUTZMAN-E PEORIA, IL	94
LYRU L E KAEPPLINGER-PALOS HEIGHTS, IL	84
SRCH B T AASLAND-ST ANNE, IL	94
SRRU ARTHUR T SHIMA-OAK PARK, IL	82
SSCH HENRY A GEISE-QUINCY, IL	95
SSRU THOMAS A BALDWIN-ROCKFORD, IL	93
28 GAUGE - 100 TARGETS -   81 ENTRIES
CH -C   3 RICHARD TREASE-ST LOUIS, MO	100
AA 1 3 ROBERT R FRESE-QUINCY, IL	99
AA 2 0 EDWARD L DEAN-EAST PEORIA, IL	99
AA 3 0 RONALD MOLENAAR-PALOS HEIGHTS, IL	99
A  1 3 ALLEN C STUTZMAN-E PEORIA, IL	98
A  2 0 DONALD H CHEFFER-CRESTWOOD, IL	97
A  3 0 R SCOTT LUECAL-DECATUR, IL	97
B  1 3 HENRY A GEISE-QUINCY, IL	98
B  2 0 MIKE GLASBY-BATAVIA, IL	98
B  3 0 JOHN STANEK-MOLINE, IL	96
C  1 0 TED LATCH-DECATUR, IL	94
C  2 0 RALPH T BROWN-ELMHURST, IL	93
C  3 0 NEAL A SCHEILER-ROCKVILLE, IL	93
D  1 3 GREGORY R ESTES-FORSYTH, IL	90
D  2 0 BRUCE R BUFFIE-DECATUR, IL	87
D  3 0 KEVIN LUCHT-DECATUR, IL	86
2011 RONALD MOLENAAR-PALOS HEIGHTS, IL
2011 BOB KUMICICH-PALOS HGTS, IL	197
2021 EDMOND R RIPBERGER-TIPTON, IN
2021 ANTHONY R POWERS-KOKOMO, IN	194
2031 TOMMY R MOORE-ST LOUIS, MO
2031 RICHARD TREASE-ST LOUIS, MO	193
2041 TED LATCH-DECATUR, IL
2041 JAMES P MOORE-DECATUR, IL	184
2051 KEITH L BESS-DECATUR, IL
2051 GREGORY R ESTES-FORSYTH, IL	183
INCH RICK PAYNE-NEBO, IL	87
LYCH REBECCA STUTZMAN-E PEORIA, IL	95
LYRU SUSAN MERRICK-DUBUQUE, IA	57
410 GAUGE - 100 TARGETS -   79 ENTRIES
CH -A   3 JEFFREY T LUECAL-DECATUR, IL	98
AA 1 3 WILLARD BARTON-NILES, IL	98
AA 2 0 BOB KUMICHICH-PALOS HGTS, IL	95
